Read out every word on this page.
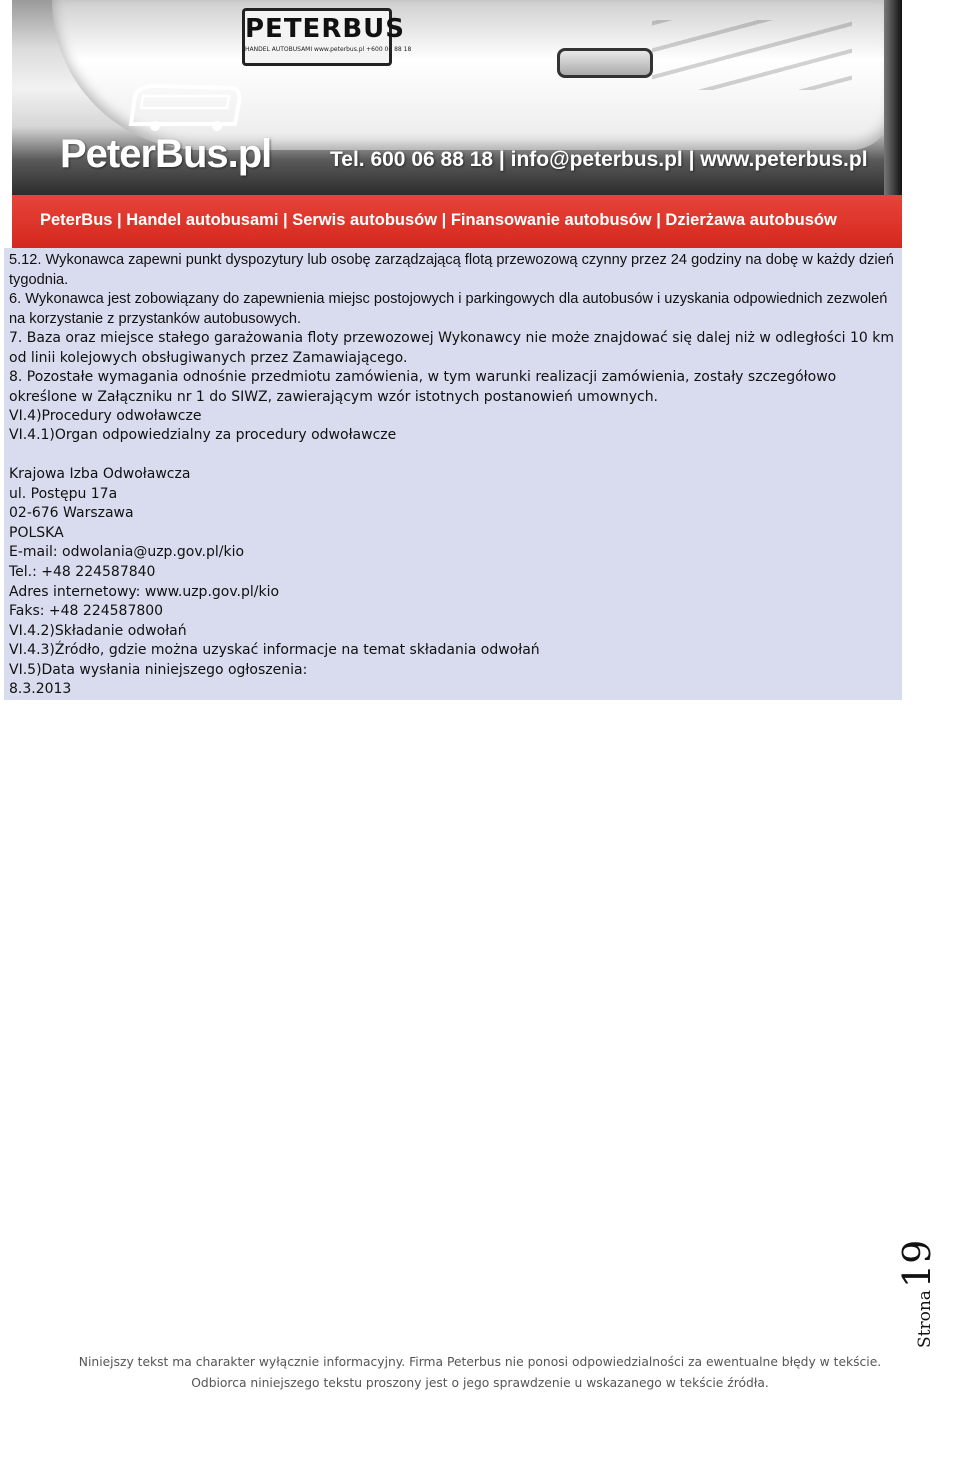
PETERBUS
HANDEL AUTOBUSAMI www.peterbus.pl +600 06 88 18
PeterBus.pl	Tel. 600 06 88 18 | info@peterbus.pl | www.peterbus.pl
PeterBus | Handel autobusami | Serwis autobusów | Finansowanie autobusów | Dzierżawa autobusów

5.12. Wykonawca zapewni punkt dyspozytury lub osobę zarządzającą flotą przewozową czynny przez 24 godziny na dobę w każdy dzień tygodnia.

6. Wykonawca jest zobowiązany do zapewnienia miejsc postojowych i parkingowych dla autobusów i uzyskania odpowiednich zezwoleń na korzystanie z przystanków autobusowych.

7. Baza oraz miejsce stałego garażowania floty przewozowej Wykonawcy nie może znajdować się dalej niż w odległości 10 km od linii kolejowych obsługiwanych przez Zamawiającego.
8. Pozostałe wymagania odnośnie przedmiotu zamówienia, w tym warunki realizacji zamówienia, zostały szczegółowo określone w Załączniku nr 1 do SIWZ, zawierającym wzór istotnych postanowień umownych.
VI.4)Procedury odwoławcze
VI.4.1)Organ odpowiedzialny za procedury odwoławcze
Krajowa Izba Odwoławcza
ul. Postępu 17a
02-676 Warszawa
POLSKA
E-mail: odwolania@uzp.gov.pl/kio
Tel.: +48 224587840
Adres internetowy: www.uzp.gov.pl/kio
Faks: +48 224587800
VI.4.2)Składanie odwołań
VI.4.3)Źródło, gdzie można uzyskać informacje na temat składania odwołań
VI.5)Data wysłania niniejszego ogłoszenia:
8.3.2013
Strona19
Niniejszy tekst ma charakter wyłącznie informacyjny. Firma Peterbus nie ponosi odpowiedzialności za ewentualne błędy w tekście.
Odbiorca niniejszego tekstu proszony jest o jego sprawdzenie u wskazanego w tekście źródła.
